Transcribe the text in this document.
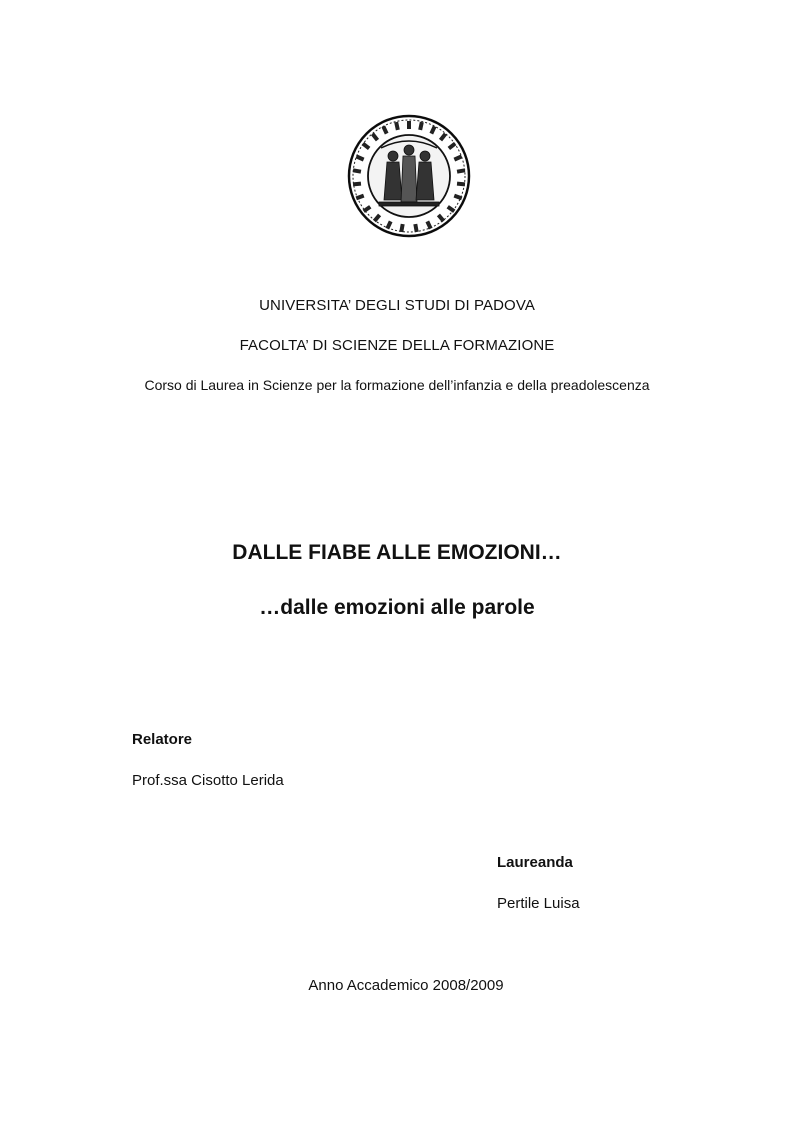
UNIVERSITA’ DEGLI STUDI DI PADOVA
FACOLTA’ DI SCIENZE DELLA FORMAZIONE
Corso di Laurea in Scienze per la formazione dell’infanzia e della preadolescenza
DALLE FIABE ALLE EMOZIONI…
…dalle emozioni alle parole
Relatore
Prof.ssa Cisotto Lerida
Laureanda
Pertile Luisa
Anno Accademico 2008/2009
